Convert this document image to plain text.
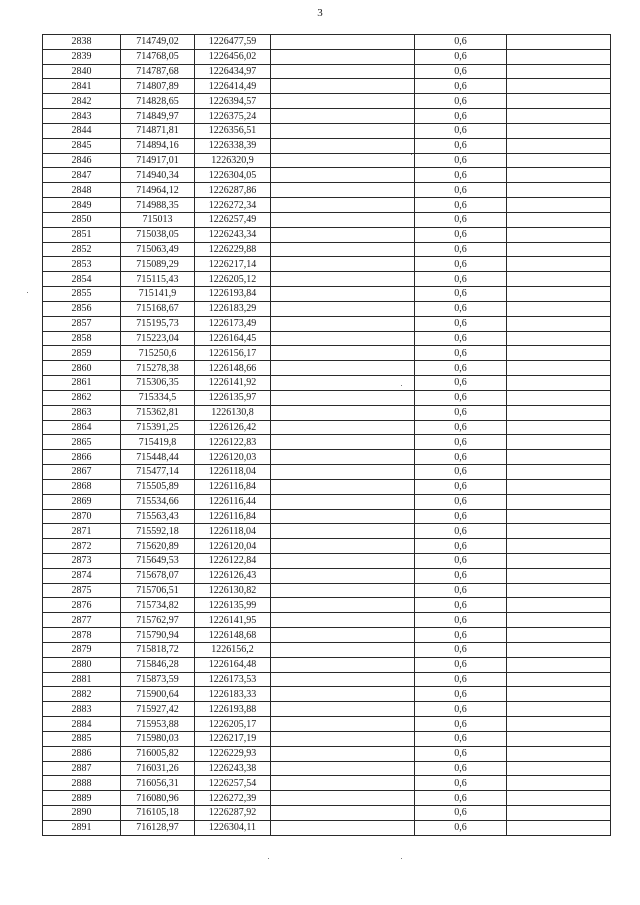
3
2838	714749,02	1226477,59		0,6	
2839	714768,05	1226456,02		0,6	
2840	714787,68	1226434,97		0,6	
2841	714807,89	1226414,49		0,6	
2842	714828,65	1226394,57		0,6	
2843	714849,97	1226375,24		0,6	
2844	714871,81	1226356,51		0,6	
2845	714894,16	1226338,39		0,6	
2846	714917,01	1226320,9		0,6	
2847	714940,34	1226304,05		0,6	
2848	714964,12	1226287,86		0,6	
2849	714988,35	1226272,34		0,6	
2850	715013	1226257,49		0,6	
2851	715038,05	1226243,34		0,6	
2852	715063,49	1226229,88		0,6	
2853	715089,29	1226217,14		0,6	
2854	715115,43	1226205,12		0,6	
2855	715141,9	1226193,84		0,6	
2856	715168,67	1226183,29		0,6	
2857	715195,73	1226173,49		0,6	
2858	715223,04	1226164,45		0,6	
2859	715250,6	1226156,17		0,6	
2860	715278,38	1226148,66		0,6	
2861	715306,35	1226141,92		0,6	
2862	715334,5	1226135,97		0,6	
2863	715362,81	1226130,8		0,6	
2864	715391,25	1226126,42		0,6	
2865	715419,8	1226122,83		0,6	
2866	715448,44	1226120,03		0,6	
2867	715477,14	1226118,04		0,6	
2868	715505,89	1226116,84		0,6	
2869	715534,66	1226116,44		0,6	
2870	715563,43	1226116,84		0,6	
2871	715592,18	1226118,04		0,6	
2872	715620,89	1226120,04		0,6	
2873	715649,53	1226122,84		0,6	
2874	715678,07	1226126,43		0,6	
2875	715706,51	1226130,82		0,6	
2876	715734,82	1226135,99		0,6	
2877	715762,97	1226141,95		0,6	
2878	715790,94	1226148,68		0,6	
2879	715818,72	1226156,2		0,6	
2880	715846,28	1226164,48		0,6	
2881	715873,59	1226173,53		0,6	
2882	715900,64	1226183,33		0,6	
2883	715927,42	1226193,88		0,6	
2884	715953,88	1226205,17		0,6	
2885	715980,03	1226217,19		0,6	
2886	716005,82	1226229,93		0,6	
2887	716031,26	1226243,38		0,6	
2888	716056,31	1226257,54		0,6	
2889	716080,96	1226272,39		0,6	
2890	716105,18	1226287,92		0,6	
2891	716128,97	1226304,11		0,6	
